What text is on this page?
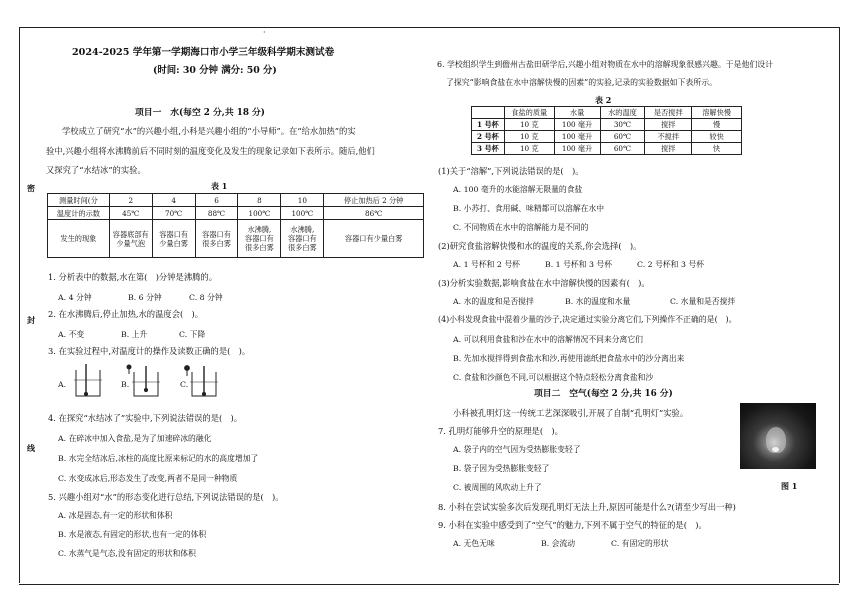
密
封
线
·
2024-2025 学年第一学期海口市小学三年级科学期末测试卷
(时间: 30 分钟 满分: 50 分)
项目一　水(每空 2 分,共 18 分)
学校成立了研究“水”的兴趣小组,小科是兴趣小组的“小导师”。在“给水加热”的实
验中,兴趣小组将水沸腾前后不同时刻的温度变化及发生的现象记录如下表所示。随后,他们
又探究了“水结冰”的实验。
表 1
测量时间(分	2	4	6	8	10	停止加热后 2 分钟
温度计的示数	45℃	70℃	88℃	100℃	100℃	86℃
发生的现象	容器底部有
少量气泡	容器口有
少量白雾	容器口有
很多白雾	水沸腾,
容器口有
很多白雾	水沸腾,
容器口有
很多白雾	容器口有少量白雾
1. 分析表中的数据,水在第(　)分钟是沸腾的。
A. 4 分钟	B. 6 分钟	C. 8 分钟
2. 在水沸腾后,停止加热,水的温度会(　)。
A. 不变	B. 上升	C. 下降
3. 在实验过程中,对温度计的操作及读数正确的是(　)。
A.	B.	C.
4. 在探究“水结冰了”实验中,下列说法错误的是(　)。
A. 在碎冰中加入食盐,是为了加速碎冰的融化
B. 水完全结冰后,冰柱的高度比原来标记的水的高度增加了
C. 水变成冰后,形态发生了改变,两者不是同一种物质
5. 兴趣小组对“水”的形态变化进行总结,下列说法错误的是(　)。
A. 冰是固态,有一定的形状和体积
B. 水是液态,有固定的形状,也有一定的体积
C. 水蒸气是气态,没有固定的形状和体积
6. 学校组织学生到儋州古盐田研学后,兴趣小组对物质在水中的溶解现象很感兴趣。于是他们设计
了探究“影响食盐在水中溶解快慢的因素”的实验,记录的实验数据如下表所示。
表 2
	食盐的质量	水量	水的温度	是否搅拌	溶解快慢
1 号杯	10 克	100 毫升	30℃	搅拌	慢
2 号杯	10 克	100 毫升	60℃	不搅拌	较快
3 号杯	10 克	100 毫升	60℃	搅拌	快
(1)关于“溶解”,下列说法错误的是(　)。
A. 100 毫升的水能溶解无限量的食盐
B. 小苏打、食用碱、味精都可以溶解在水中
C. 不同物质在水中的溶解能力是不同的
(2)研究食盐溶解快慢和水的温度的关系,你会选择(　)。
A. 1 号杯和 2 号杯	B. 1 号杯和 3 号杯	C. 2 号杯和 3 号杯
(3)分析实验数据,影响食盐在水中溶解快慢的因素有(　)。
A. 水的温度和是否搅拌	B. 水的温度和水量	C. 水量和是否搅拌
(4)小科发现食盐中混着少量的沙子,决定通过实验分离它们,下列操作不正确的是(　)。
A. 可以利用食盐和沙在水中的溶解情况不同来分离它们
B. 先加水搅拌得到食盐水和沙,再使用滤纸把食盐水中的沙分离出来
C. 食盐和沙颜色不同,可以根据这个特点轻松分离食盐和沙
项目二　空气(每空 2 分,共 16 分)
小科被孔明灯这一传统工艺深深吸引,开展了自制“孔明灯”实验。
图 1
7. 孔明灯能够升空的原理是(　)。
A. 袋子内的空气因为受热膨胀变轻了
B. 袋子因为受热膨胀变轻了
C. 被周围的风吹动上升了
8. 小科在尝试实验多次后发现孔明灯无法上升,原因可能是什么?(请至少写出一种)
9. 小科在实验中感受到了“空气”的魅力,下列不属于空气的特征的是(　)。
A. 无色无味	B. 会流动	C. 有固定的形状
